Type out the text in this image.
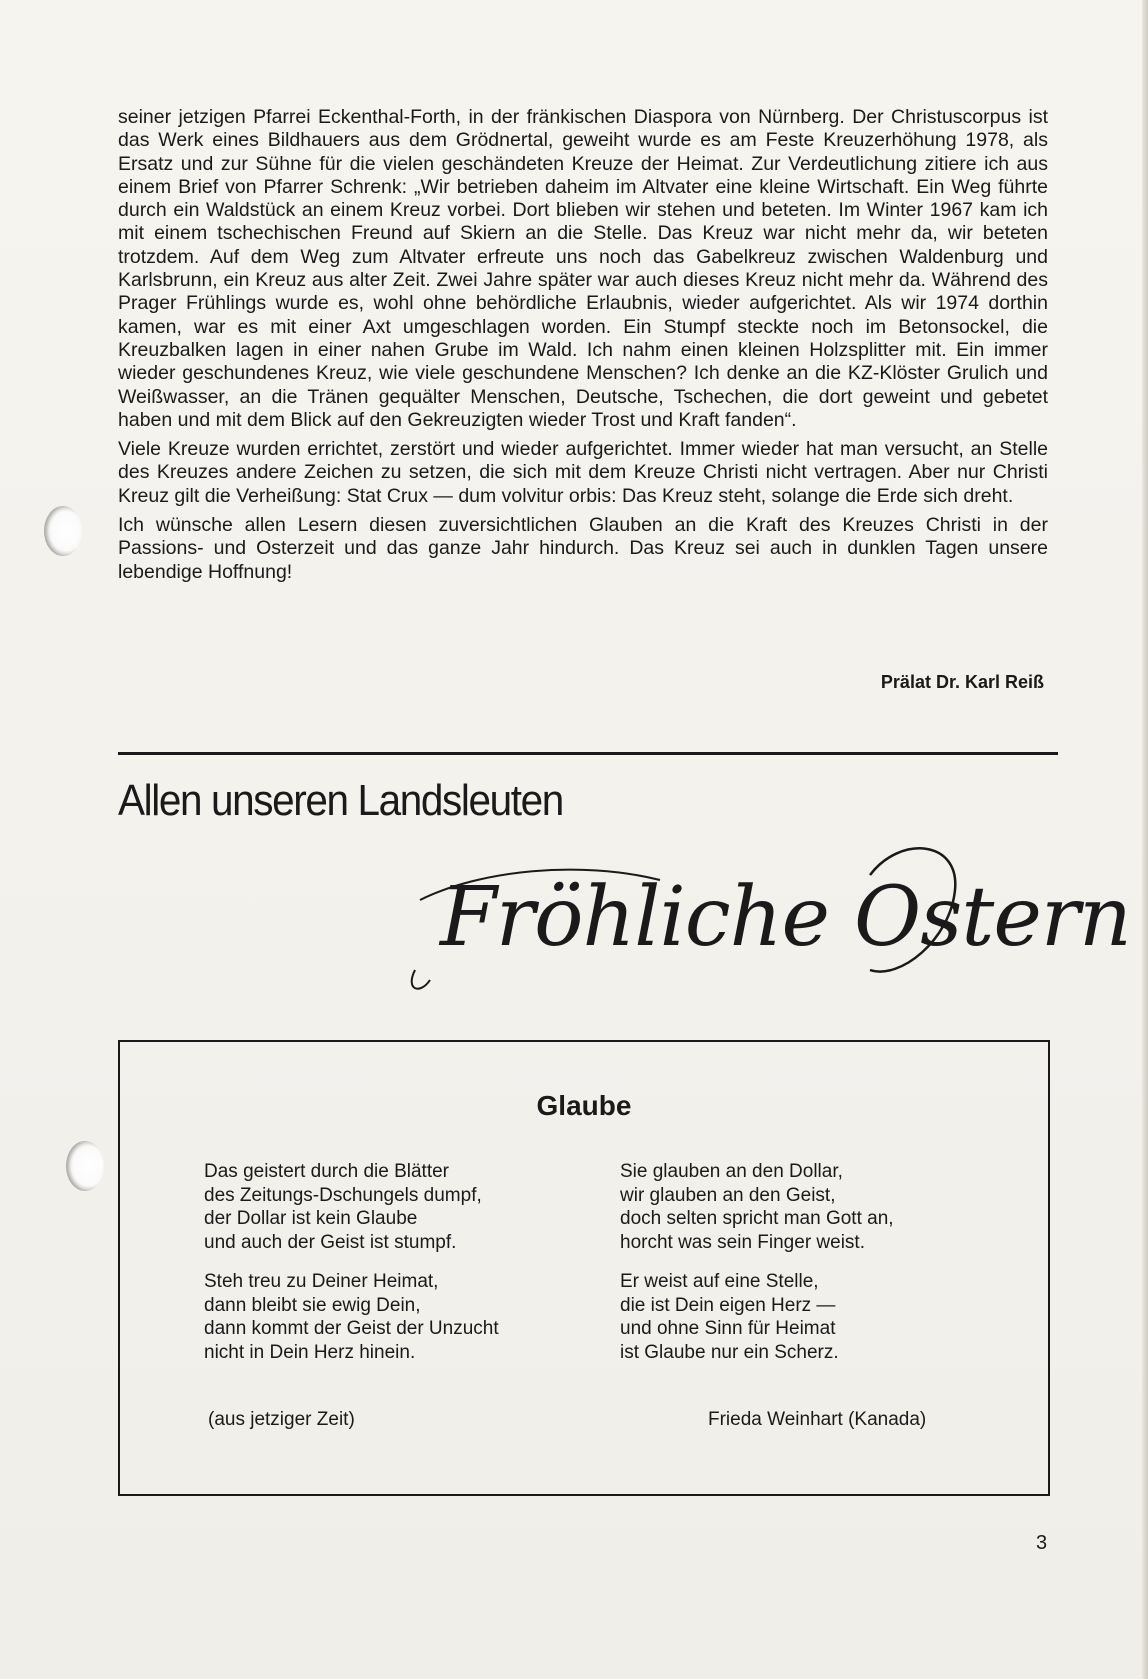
seiner jetzigen Pfarrei Eckenthal-Forth, in der fränkischen Diaspora von Nürnberg. Der Christuscorpus ist das Werk eines Bildhauers aus dem Grödnertal, geweiht wurde es am Feste Kreuzerhöhung 1978, als Ersatz und zur Sühne für die vielen geschändeten Kreuze der Heimat. Zur Verdeutlichung zitiere ich aus einem Brief von Pfarrer Schrenk: „Wir betrieben daheim im Altvater eine kleine Wirtschaft. Ein Weg führte durch ein Waldstück an einem Kreuz vorbei. Dort blieben wir stehen und beteten. Im Winter 1967 kam ich mit einem tschechischen Freund auf Skiern an die Stelle. Das Kreuz war nicht mehr da, wir beteten trotzdem. Auf dem Weg zum Altvater erfreute uns noch das Gabelkreuz zwischen Waldenburg und Karlsbrunn, ein Kreuz aus alter Zeit. Zwei Jahre später war auch dieses Kreuz nicht mehr da. Während des Prager Frühlings wurde es, wohl ohne behördliche Erlaubnis, wieder aufgerichtet. Als wir 1974 dorthin kamen, war es mit einer Axt umgeschlagen worden. Ein Stumpf steckte noch im Betonsockel, die Kreuzbalken lagen in einer nahen Grube im Wald. Ich nahm einen kleinen Holzsplitter mit. Ein immer wieder geschundenes Kreuz, wie viele geschundene Menschen? Ich denke an die KZ-Klöster Grulich und Weißwasser, an die Tränen gequälter Menschen, Deutsche, Tschechen, die dort geweint und gebetet haben und mit dem Blick auf den Gekreuzigten wieder Trost und Kraft fanden“.

Viele Kreuze wurden errichtet, zerstört und wieder aufgerichtet. Immer wieder hat man versucht, an Stelle des Kreuzes andere Zeichen zu setzen, die sich mit dem Kreuze Christi nicht vertragen. Aber nur Christi Kreuz gilt die Verheißung: Stat Crux — dum volvitur orbis: Das Kreuz steht, solange die Erde sich dreht.

Ich wünsche allen Lesern diesen zuversichtlichen Glauben an die Kraft des Kreuzes Christi in der Passions- und Osterzeit und das ganze Jahr hindurch. Das Kreuz sei auch in dunklen Tagen unsere lebendige Hoffnung!

Prälat Dr. Karl Reiß
Allen unseren Landsleuten
Fröhliche Ostern
Glaube
Das geistert durch die Blätter
des Zeitungs-Dschungels dumpf,
der Dollar ist kein Glaube
und auch der Geist ist stumpf.
Steh treu zu Deiner Heimat,
dann bleibt sie ewig Dein,
dann kommt der Geist der Unzucht
nicht in Dein Herz hinein.
Sie glauben an den Dollar,
wir glauben an den Geist,
doch selten spricht man Gott an,
horcht was sein Finger weist.
Er weist auf eine Stelle,
die ist Dein eigen Herz —
und ohne Sinn für Heimat
ist Glaube nur ein Scherz.
(aus jetziger Zeit)	Frieda Weinhart (Kanada)
3
